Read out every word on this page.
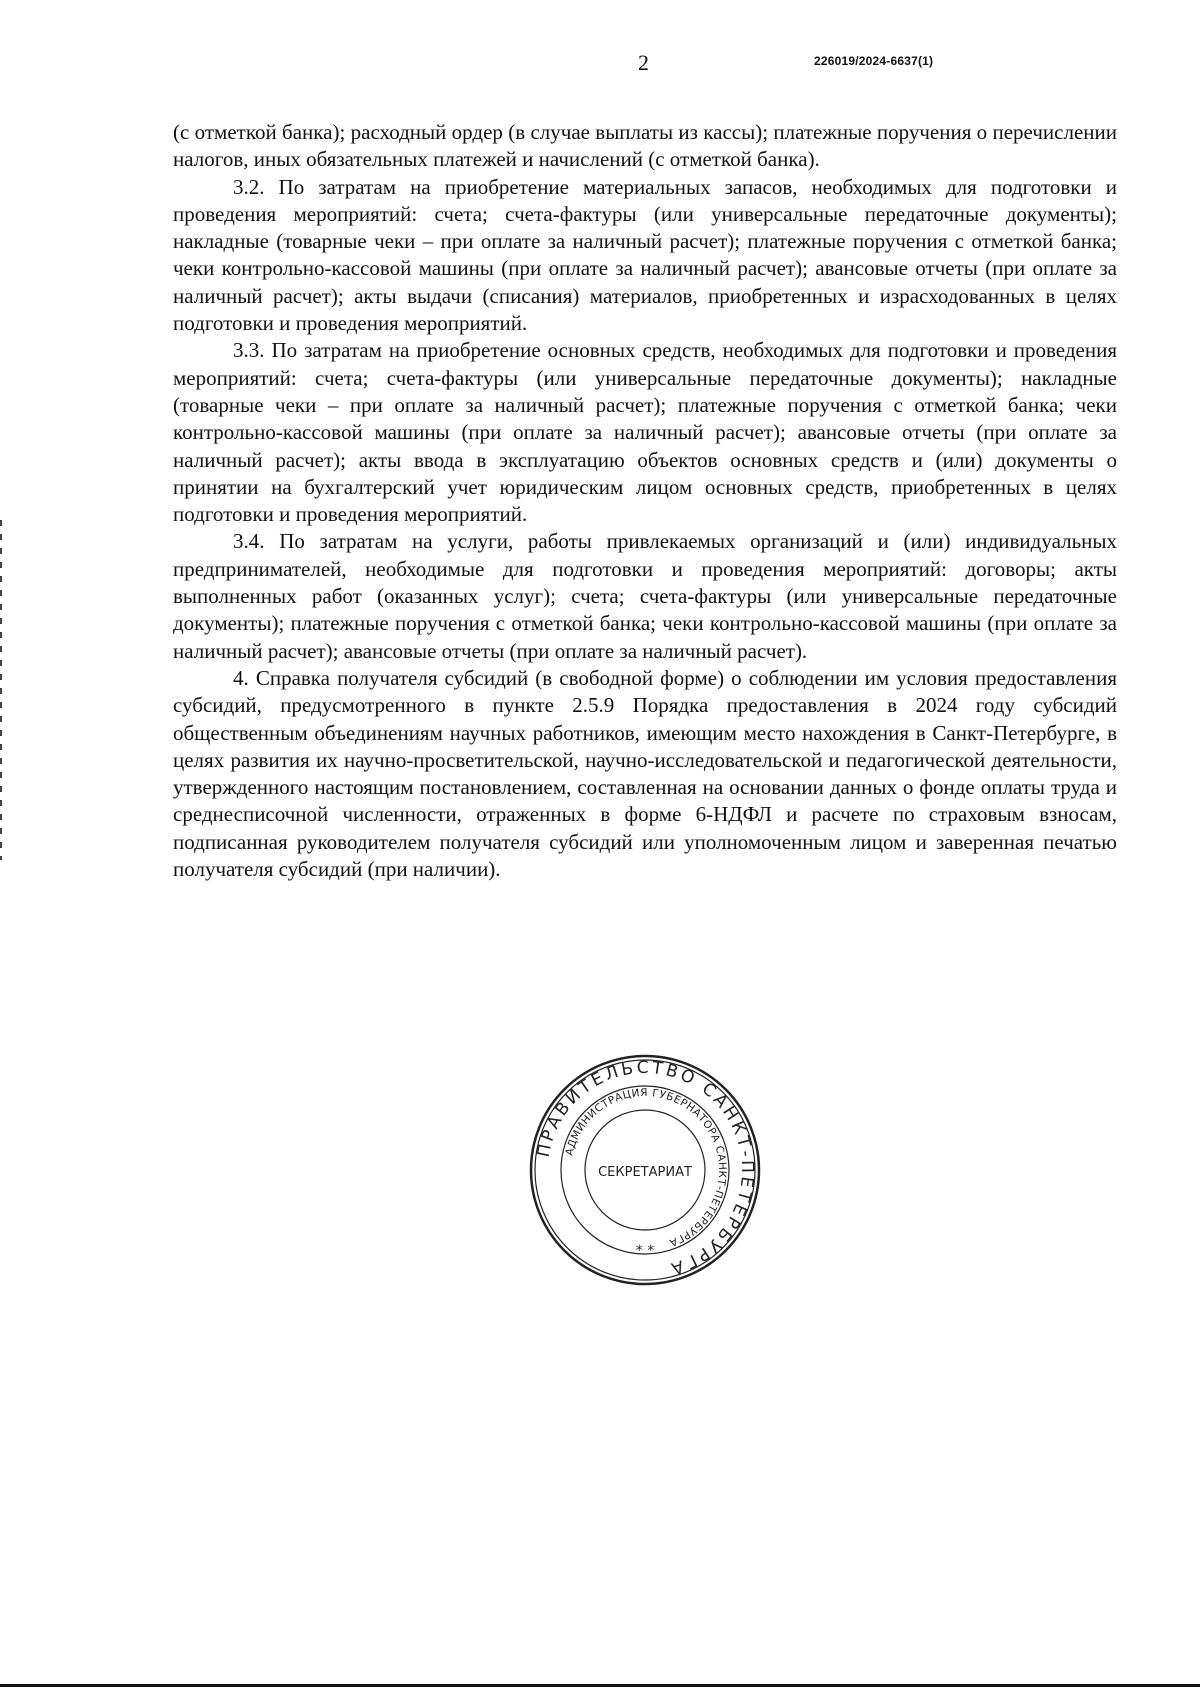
2	226019/2024-6637(1)

(с отметкой банка); расходный ордер (в случае выплаты из кассы); платежные поручения о перечислении налогов, иных обязательных платежей и начислений (с отметкой банка).

3.2. По затратам на приобретение материальных запасов, необходимых для подготовки и проведения мероприятий: счета; счета-фактуры (или универсальные передаточные документы); накладные (товарные чеки – при оплате за наличный расчет); платежные поручения с отметкой банка; чеки контрольно-кассовой машины (при оплате за наличный расчет); авансовые отчеты (при оплате за наличный расчет); акты выдачи (списания) материалов, приобретенных и израсходованных в целях подготовки и проведения мероприятий.

3.3. По затратам на приобретение основных средств, необходимых для подготовки и проведения мероприятий: счета; счета-фактуры (или универсальные передаточные документы); накладные (товарные чеки – при оплате за наличный расчет); платежные поручения с отметкой банка; чеки контрольно-кассовой машины (при оплате за наличный расчет); авансовые отчеты (при оплате за наличный расчет); акты ввода в эксплуатацию объектов основных средств и (или) документы о принятии на бухгалтерский учет юридическим лицом основных средств, приобретенных в целях подготовки и проведения мероприятий.

3.4. По затратам на услуги, работы привлекаемых организаций и (или) индивидуальных предпринимателей, необходимые для подготовки и проведения мероприятий: договоры; акты выполненных работ (оказанных услуг); счета; счета-фактуры (или универсальные передаточные документы); платежные поручения с отметкой банка; чеки контрольно-кассовой машины (при оплате за наличный расчет); авансовые отчеты (при оплате за наличный расчет).

4. Справка получателя субсидий (в свободной форме) о соблюдении им условия предоставления субсидий, предусмотренного в пункте 2.5.9 Порядка предоставления в 2024 году субсидий общественным объединениям научных работников, имеющим место нахождения в Санкт-Петербурге, в целях развития их научно-просветительской, научно-исследовательской и педагогической деятельности, утвержденного настоящим постановлением, составленная на основании данных о фонде оплаты труда и среднесписочной численности, отраженных в форме 6-НДФЛ и расчете по страховым взносам, подписанная руководителем получателя субсидий или уполномоченным лицом и заверенная печатью получателя субсидий (при наличии).

ПРАВИТЕЛЬСТВО САНКТ-ПЕТЕРБУРГА
АДМИНИСТРАЦИЯ ГУБЕРНАТОРА САНКТ-ПЕТЕРБУРГА
СЕКРЕТАРИАТ
* *
